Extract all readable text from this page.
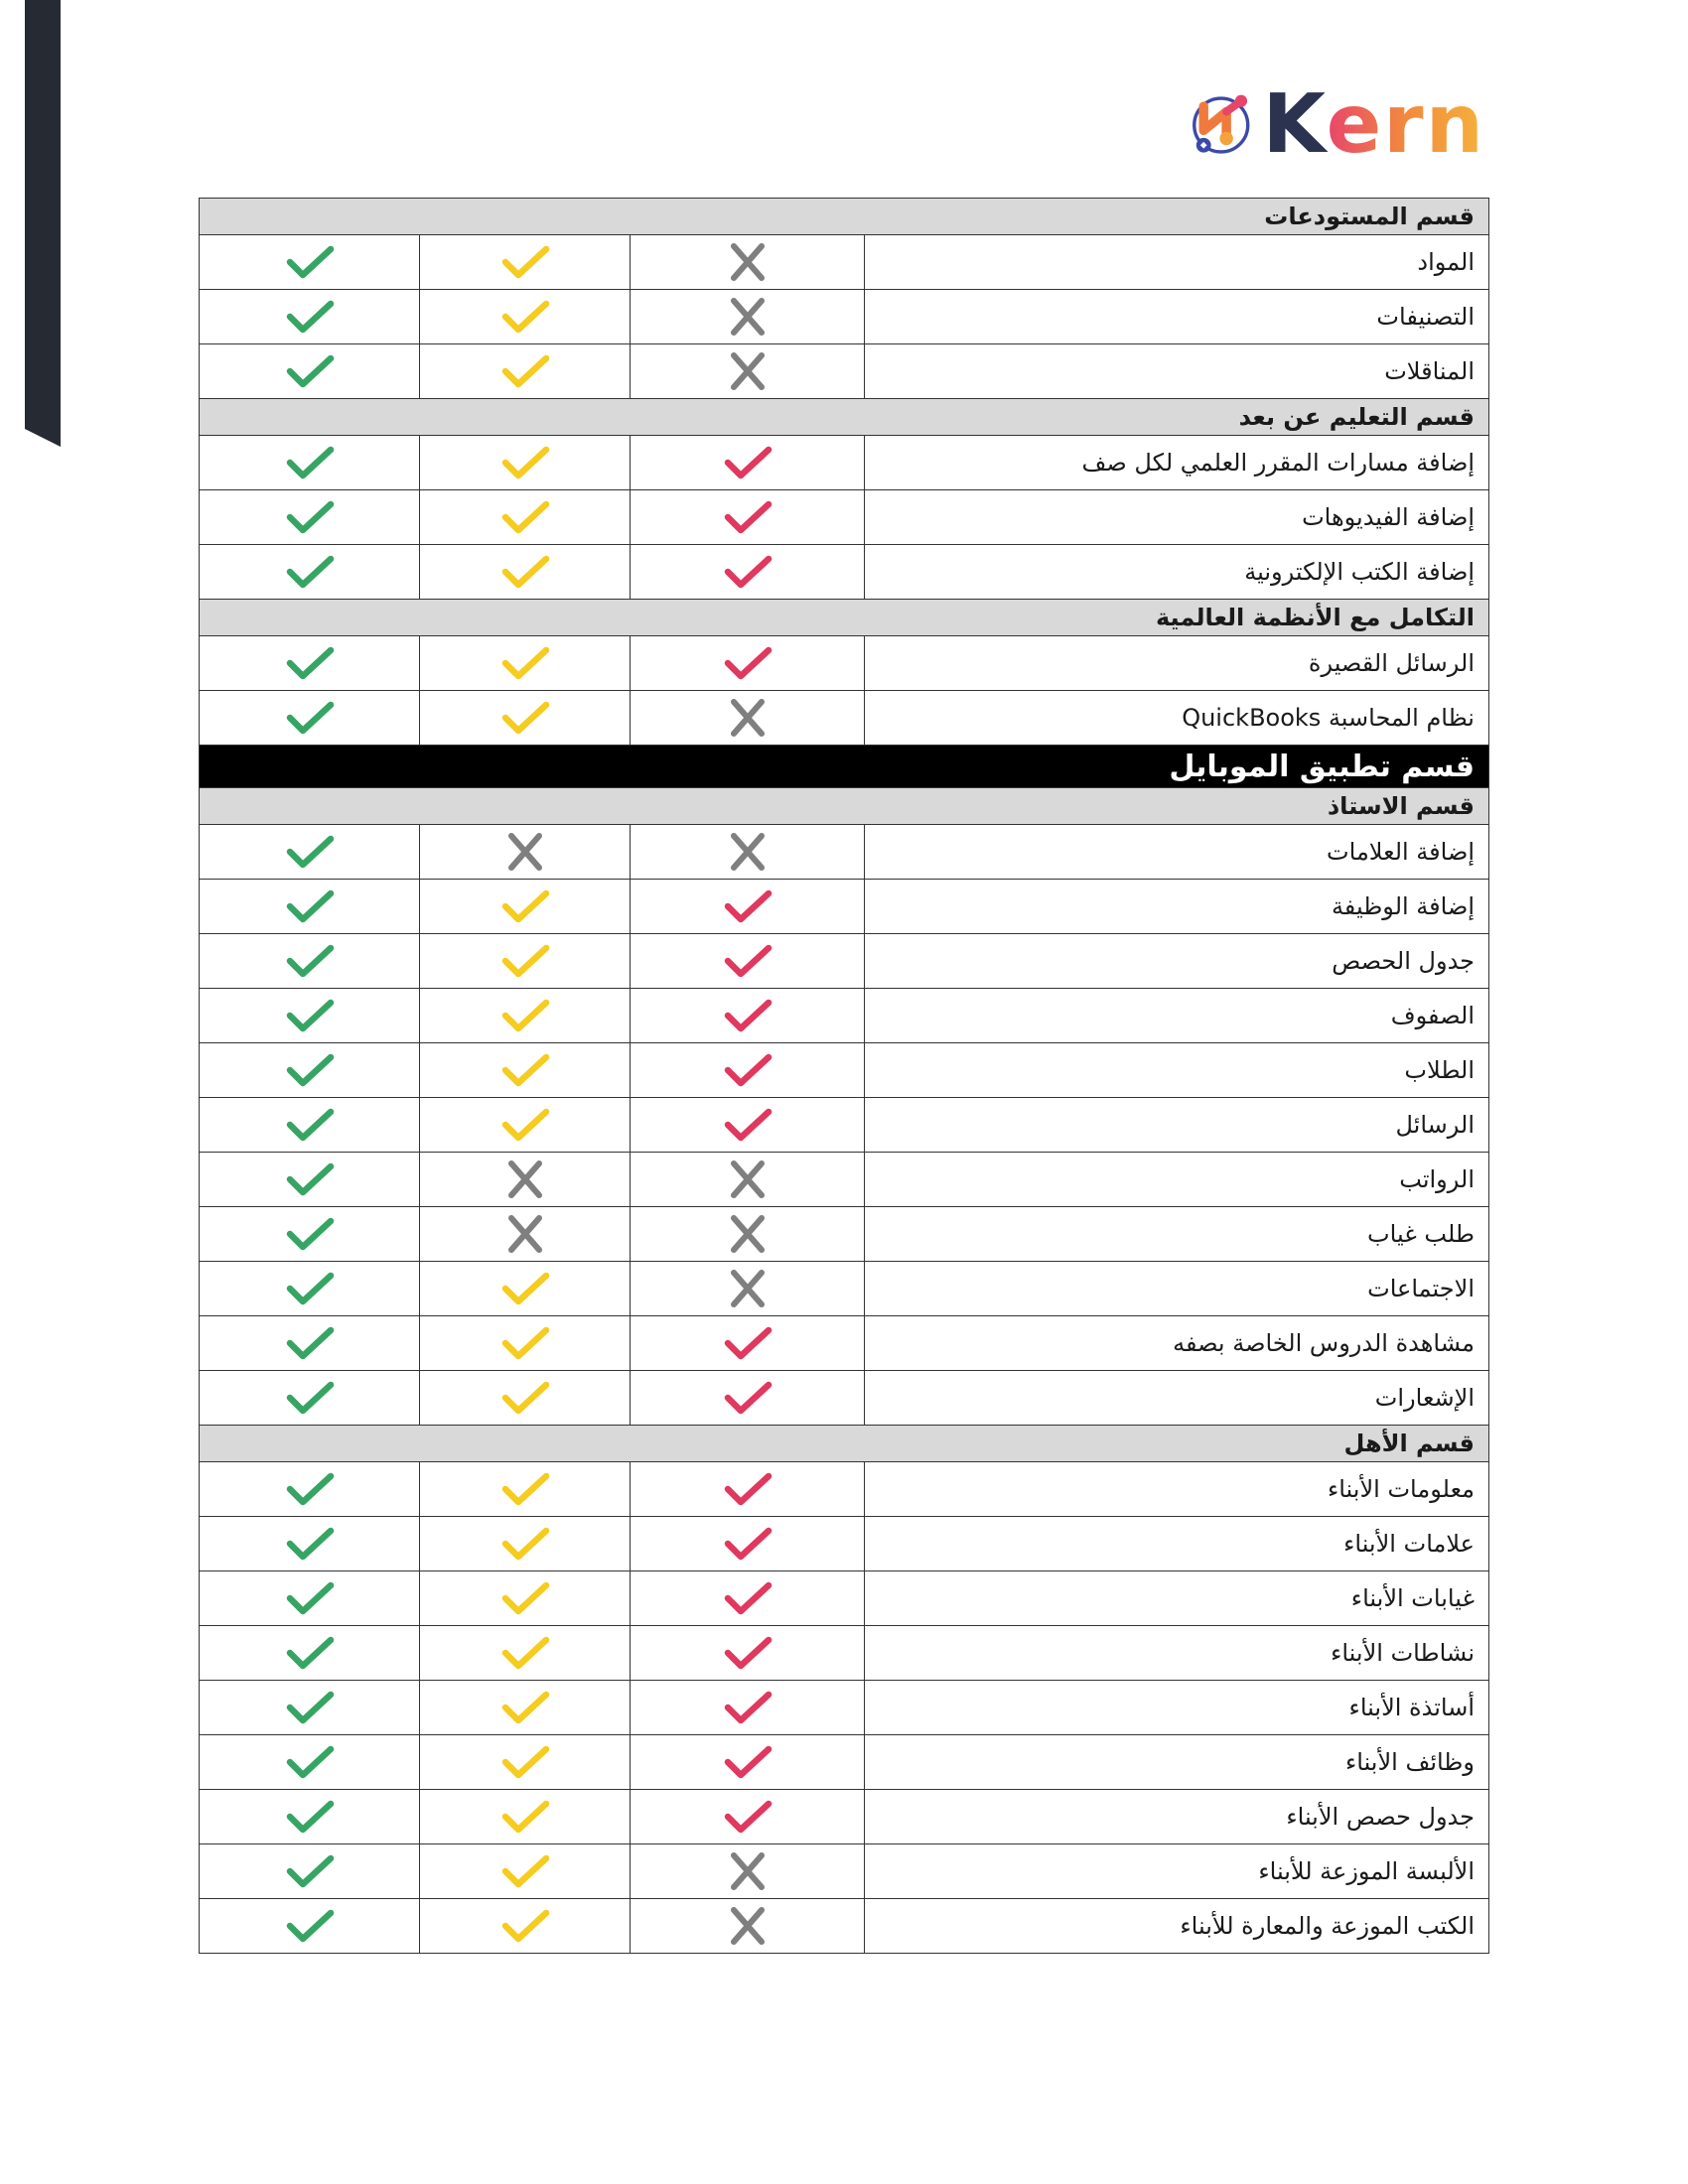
Kern
قسم المستودعات			
			المواد
			التصنيفات
			المناقلات
قسم التعليم عن بعد			
			إضافة مسارات المقرر العلمي لكل صف
			إضافة الفيديوهات
			إضافة الكتب الإلكترونية
التكامل مع الأنظمة العالمية			
			الرسائل القصيرة
			نظام المحاسبة QuickBooks
قسم تطبيق الموبايل			
قسم الاستاذ			
			إضافة العلامات
			إضافة الوظيفة
			جدول الحصص
			الصفوف
			الطلاب
			الرسائل
			الرواتب
			طلب غياب
			الاجتماعات
			مشاهدة الدروس الخاصة بصفه
			الإشعارات
قسم الأهل			
			معلومات الأبناء
			علامات الأبناء
			غيابات الأبناء
			نشاطات الأبناء
			أساتذة الأبناء
			وظائف الأبناء
			جدول حصص الأبناء
			الألبسة الموزعة للأبناء
			الكتب الموزعة والمعارة للأبناء
